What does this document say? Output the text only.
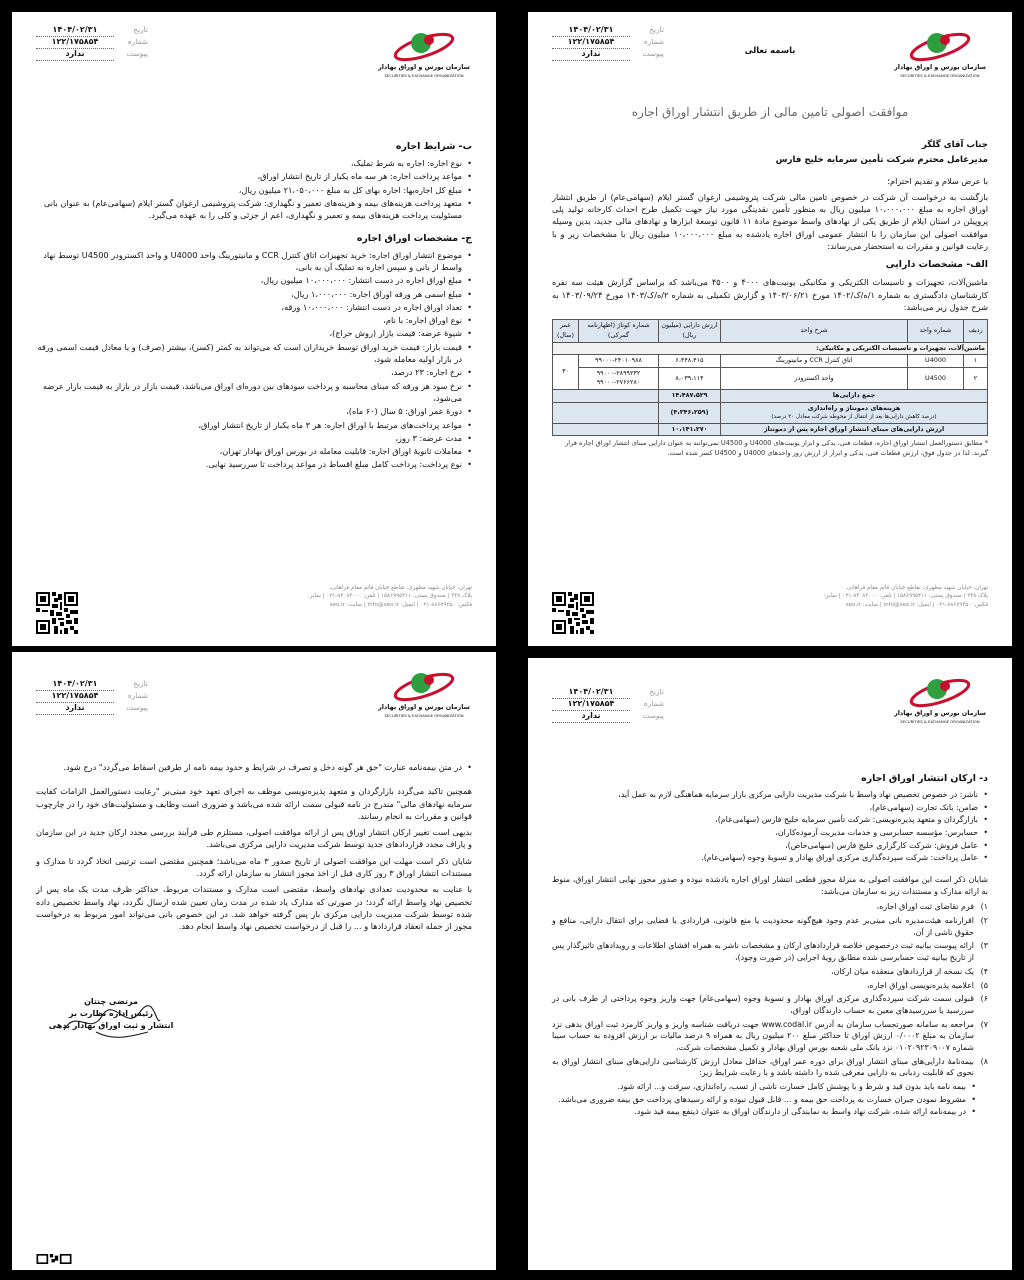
سازمان بورس و اوراق بهادار
SECURITIES & EXCHANGE ORGANIZATION
باسمه تعالی
تاریخ
۱۴۰۴/۰۲/۳۱
شماره
۱۲۲/۱۷۵۸۵۴
پیوست
ندارد
موافقت اصولی تامین مالی از طریق انتشار اوراق اجاره
جناب آقای گلگر
مدیرعامل محترم شرکت تأمین سرمایه خلیج فارس
با عرض سلام و تقدیم احترام؛
بازگشت به درخواست آن شرکت در خصوص تامین مالی شرکت پتروشیمی ارغوان گستر ایلام (سهامی‌عام) از طریق انتشار اوراق اجاره به مبلغ ۱۰،۰۰۰،۰۰۰ میلیون ریال به منظور تأمین نقدینگی مورد نیاز جهت تکمیل طرح احداث کارخانه تولید پلی پروپیلن در استان ایلام از طریق یکی از نهادهای واسط موضوع مادهٔ ۱۱ قانون توسعهٔ ابزارها و نهادهای مالی جدید، بدین وسیله موافقت اصولی این سازمان را با انتشار عمومی اوراق اجاره یادشده به مبلغ ۱۰،۰۰۰،۰۰۰ میلیون ریال با مشخصات زیر و با رعایت قوانین و مقررات به استحضار می‌رساند:
الف- مشخصات دارایی
ماشین‌آلات، تجهیزات و تاسیسات الکتریکی و مکانیکی یونیت‌های ۴۰۰۰ و ۴۵۰۰ می‌باشد که براساس گزارش هیئت سه نفره کارشناسان دادگستری به شماره ۱/ه/ک/۱۴۰۲ مورخ ۱۴۰۳/۰۶/۲۱ و گزارش تکمیلی به شماره ۲/ه/ک/۱۴۰۳ مورخ ۱۴۰۳/۰۹/۲۴ به شرح جدول زیر می‌باشد:
ردیف	شماره واحد	شرح واحد	ارزش دارایی (میلیون ریال)	شماره کوتاژ (اظهارنامه گمرکی)	عمر (سال)
ماشین‌آلات، تجهیزات و تاسیسات الکتریکی و مکانیکی:					
۱	U4000	اتاق کنترل CCR و مانیتورینگ	۶،۴۴۸،۴۱۵	۹۹۰۰۰-۲۴۰۱۰۹۸۸	۳۰
۲	U4500	واحد اکسترودر	۸،۰۳۹،۱۱۴	۹۹۰۰۰-۲۸۹۹۲۳۲
۹۹۰۰۰-۲۷۶۶۲۸۰	

جمع دارایی‌ها			۱۴،۴۸۷،۵۲۹		

هزینه‌های دمونتاژ و راه‌اندازی
(درصد کاهش دارایی‌ها بعد از انتقال از محوطه شرکت معادل ۳۰ درصد)			(۴،۳۴۶،۲۵۹)		
ارزش دارایی‌های مبنای انتشار اوراق اجاره پس از دمونتاژ			۱۰،۱۴۱،۲۷۰		
* مطابق دستورالعمل انتشار اوراق اجاره، قطعات فنی، یدکی و ابزار یونیت‌های U4000 و U4500 نمی‌توانند به عنوان دارایی مبنای انتشار اوراق اجاره قرار گیرند. لذا در جدول فوق، ارزش قطعات فنی، یدکی و ابزار از ارزش روز واحدهای U4000 و U4500 کسر شده است.
تهران، خیابان شهید مطهری، تقاطع خیابان قائم مقام فراهانی،
پلاک ۳۴۸ | صندوق پستی: ۱۵۸۶۹۹۵۴۱۱ | تلفن: ۸۴۰۸۳۰۰۰-۰۲۱ | نمابر:
فکس: ۸۸۶۷۹۴۵۰-۰۲۱ | ایمیل: info@seo.ir | سایت: seo.ir
سازمان بورس و اوراق بهادار
SECURITIES & EXCHANGE ORGANIZATION
تاریخ
۱۴۰۴/۰۲/۳۱
شماره
۱۲۲/۱۷۵۸۵۴
پیوست
ندارد
ب- شرایط اجاره
• نوع اجاره: اجاره به شرط تملیک،
• مواعد پرداخت اجاره: هر سه ماه یکبار از تاریخ انتشار اوراق،
• مبلغ کل اجاره‌بها: اجاره بهای کل به مبلغ ۲۱،۰۵۰،۰۰۰ میلیون ریال،
• متعهد پرداخت هزینه‌های بیمه و هزینه‌های تعمیر و نگهداری: شرکت پتروشیمی ارغوان گستر ایلام (سهامی‌عام) به عنوان بانی مسئولیت پرداخت هزینه‌های بیمه و تعمیر و نگهداری، اعم از جزئی و کلی را به عهده می‌گیرد.
ج- مشخصات اوراق اجاره
• موضوع انتشار اوراق اجاره: خرید تجهیزات اتاق کنترل CCR و مانیتورینگ واحد U4000 و واحد اکسترودر U4500 توسط نهاد واسط از بانی و سپس اجاره به تملیک آن به بانی،
• مبلغ اوراق اجاره در دست انتشار: ۱۰،۰۰۰،۰۰۰ میلیون ریال،
• مبلغ اسمی هر ورقه اوراق اجاره: ۱،۰۰۰،۰۰۰ ریال،
• تعداد اوراق اجاره در دست انتشار: ۱۰،۰۰۰،۰۰۰ ورقه،
• نوع اوراق اجاره: با نام،
• شیوهٔ عرضه: قیمت بازار (روش حراج)،
• قیمت بازار: قیمت خرید اوراق توسط خریداران است که می‌تواند به کمتر (کسر)، بیشتر (صرف) و یا معادل قیمت اسمی ورقه در بازار اولیه معامله شود،
• نرخ اجاره: ۲۳ درصد،
• نرخ سود هر ورقه که مبنای محاسبه و پرداخت سودهای بین دوره‌ای اوراق می‌باشد، قیمت بازار در بازار به قیمت بازار عرضه می‌شود،
• دورهٔ عمر اوراق: ۵ سال (۶۰ ماه)،
• مواعد پرداخت‌های مرتبط با اوراق اجاره: هر ۳ ماه یکبار از تاریخ انتشار اوراق،
• مدت عرضه: ۳ روز،
• معاملات ثانویهٔ اوراق اجاره: قابلیت معامله در بورس اوراق بهادار تهران،
• نوع پرداخت: پرداخت کامل مبلغ اقساط در مواعد پرداخت تا سررسید نهایی.
تهران، خیابان شهید مطهری، تقاطع خیابان قائم مقام فراهانی،
پلاک ۳۴۸ | صندوق پستی: ۱۵۸۶۹۹۵۴۱۱ | تلفن: ۸۴۰۸۳۰۰۰-۰۲۱ | نمابر:
فکس: ۸۸۶۷۹۴۵۰-۰۲۱ | ایمیل: info@seo.ir | سایت: seo.ir
سازمان بورس و اوراق بهادار
SECURITIES & EXCHANGE ORGANIZATION
تاریخ
۱۴۰۴/۰۲/۳۱
شماره
۱۲۲/۱۷۵۸۵۴
پیوست
ندارد
د- ارکان انتشار اوراق اجاره
• ناشر: در خصوص تخصیص نهاد واسط با شرکت مدیریت دارایی مرکزی بازار سرمایه هماهنگی لازم به عمل آید،
• ضامن: بانک تجارت (سهامی‌عام)،
• بازارگردان و متعهد پذیره‌نویسی: شرکت تأمین سرمایه خلیج فارس (سهامی‌عام)،
• حسابرس: مؤسسه حسابرسی و خدمات مدیریت آزموده‌کاران،
• عامل فروش: شرکت کارگزاری خلیج فارس (سهامی‌خاص)،
• عامل پرداخت: شرکت سپرده‌گذاری مرکزی اوراق بهادار و تسویهٔ وجوه (سهامی‌عام).
شایان ذکر است این موافقت اصولی به منزلهٔ مجوز قطعی انتشار اوراق اجاره یادشده نبوده و صدور مجوز نهایی انتشار اوراق، منوط به ارائه مدارک و مستندات زیر به سازمان می‌باشد:
۱)
فرم تقاضای ثبت اوراق اجاره،
۲)
اقرارنامه هیئت‌مدیره بانی مبنی‌بر عدم وجود هیچ‌گونه محدودیت یا منع قانونی، قراردادی یا قضایی برای انتقال دارایی، منافع و حقوق ناشی از آن،
۳)
ارائه پیوست بیانیه ثبت درخصوص خلاصه قراردادهای ارکان و مشخصات ناشر به همراه افشای اطلاعات و رویدادهای تاثیرگذار پس از تاریخ بیانیه ثبت حسابرسی شده مطابق رویهٔ اجرایی (در صورت وجود)،
۴)
یک نسخه از قراردادهای منعقده میان ارکان،
۵)
اعلامیه پذیره‌نویسی اوراق اجاره،
۶)
قبولی سمت شرکت سپرده‌گذاری مرکزی اوراق بهادار و تسویهٔ وجوه (سهامی‌عام) جهت واریز وجوه پرداختی از طرف بانی در سررسید یا سررسیدهای معین به حساب دارندگان اوراق،
۷)
مراجعه به سامانه صورتحساب سازمان به آدرس www.codal.ir جهت دریافت شناسه واریز و واریز کارمزد ثبت اوراق بدهی نزد سازمان به مبلغ ۰/۰۰۰۲ ارزش اوراق تا حداکثر مبلغ ۲۰۰ میلیون ریال به همراه ۹ درصد مالیات بر ارزش افزوده به حساب سیبا شماره ۰۱۰۲۰۹۲۳۰۹۰۰۷ نزد بانک ملی شعبه بورس اوراق بهادار و تکمیل مشخصات شرکت،
۸)
بیمه‌نامهٔ دارایی‌های مبنای انتشار اوراق برای دوره عمر اوراق، حداقل معادل ارزش کارشناسی دارایی‌های مبنای انتشار اوراق به نحوی که قابلیت ردیابی به دارایی معرفی شده را داشته باشد و با رعایت شرایط زیر:
• بیمه نامه باید بدون قید و شرط و با پوشش کامل خسارت ناشی از تسب، راه‌اندازی، سرقت و... ارائه شود.
• مشروط نمودن جبران خسارت به پرداخت حق بیمه و ... قابل قبول نبوده و ارائه رسیدهای پرداخت حق بیمه ضروری می‌باشد.
• در بیمه‌نامه ارائه شده، شرکت نهاد واسط به نمایندگی از دارندگان اوراق به عنوان ذینفع بیمه قید شود.
سازمان بورس و اوراق بهادار
SECURITIES & EXCHANGE ORGANIZATION
تاریخ
۱۴۰۴/۰۲/۳۱
شماره
۱۲۲/۱۷۵۸۵۴
پیوست
ندارد
• در متن بیمه‌نامه عبارت "حق هر گونه دخل و تصرف در شرایط و حدود بیمه نامه از طرفین اسقاط می‌گردد" درج شود.
همچنین تاکید می‌گردد بازارگردان و متعهد پذیره‌نویسی موظف به اجرای تعهد خود مبنی‌بر "رعایت دستورالعمل الزامات کفایت سرمایه نهادهای مالی" مندرج در نامه قبولی سمت ارائه شده می‌باشد و ضروری است وظایف و مسئولیت‌های خود را در چارچوب قوانین و مقررات به انجام رسانند.
بدیهی است تغییر ارکان انتشار اوراق پس از ارائه موافقت اصولی، مستلزم طی فرآیند بررسی مجدد ارکان جدید در این سازمان و پاراف مجدد قراردادهای جدید توسط شرکت مدیریت دارایی مرکزی می‌باشد.
شایان ذکر است مهلت این موافقت اصولی از تاریخ صدور ۳ ماه می‌باشد؛ همچنین مقتضی است ترتیبی اتخاذ گردد تا مدارک و مستندات انتشار اوراق ۳ روز کاری قبل از اخذ مجوز انتشار به سازمان ارائه گردد.
با عنایت به محدودیت تعدادی نهادهای واسط، مقتضی است مدارک و مستندات مربوط، حداکثر ظرف مدت یک ماه پس از تخصیص نهاد واسط ارائه گردد؛ در صورتی که مدارک یاد شده در مدت زمان تعیین شده ارسال نگردد، نهاد واسط تخصیص داده شده توسط شرکت مدیریت دارایی مرکزی باز پس گرفته خواهد شد. در این خصوص بانی می‌تواند امور مربوط به درخواست مجوز از جمله انعقاد قراردادها و ... را قبل از درخواست تخصیص نهاد واسط انجام دهد.
مرتضی چنتان
رئیس اداره نظارت بر
انتشار و ثبت اوراق بهادار بدهی
